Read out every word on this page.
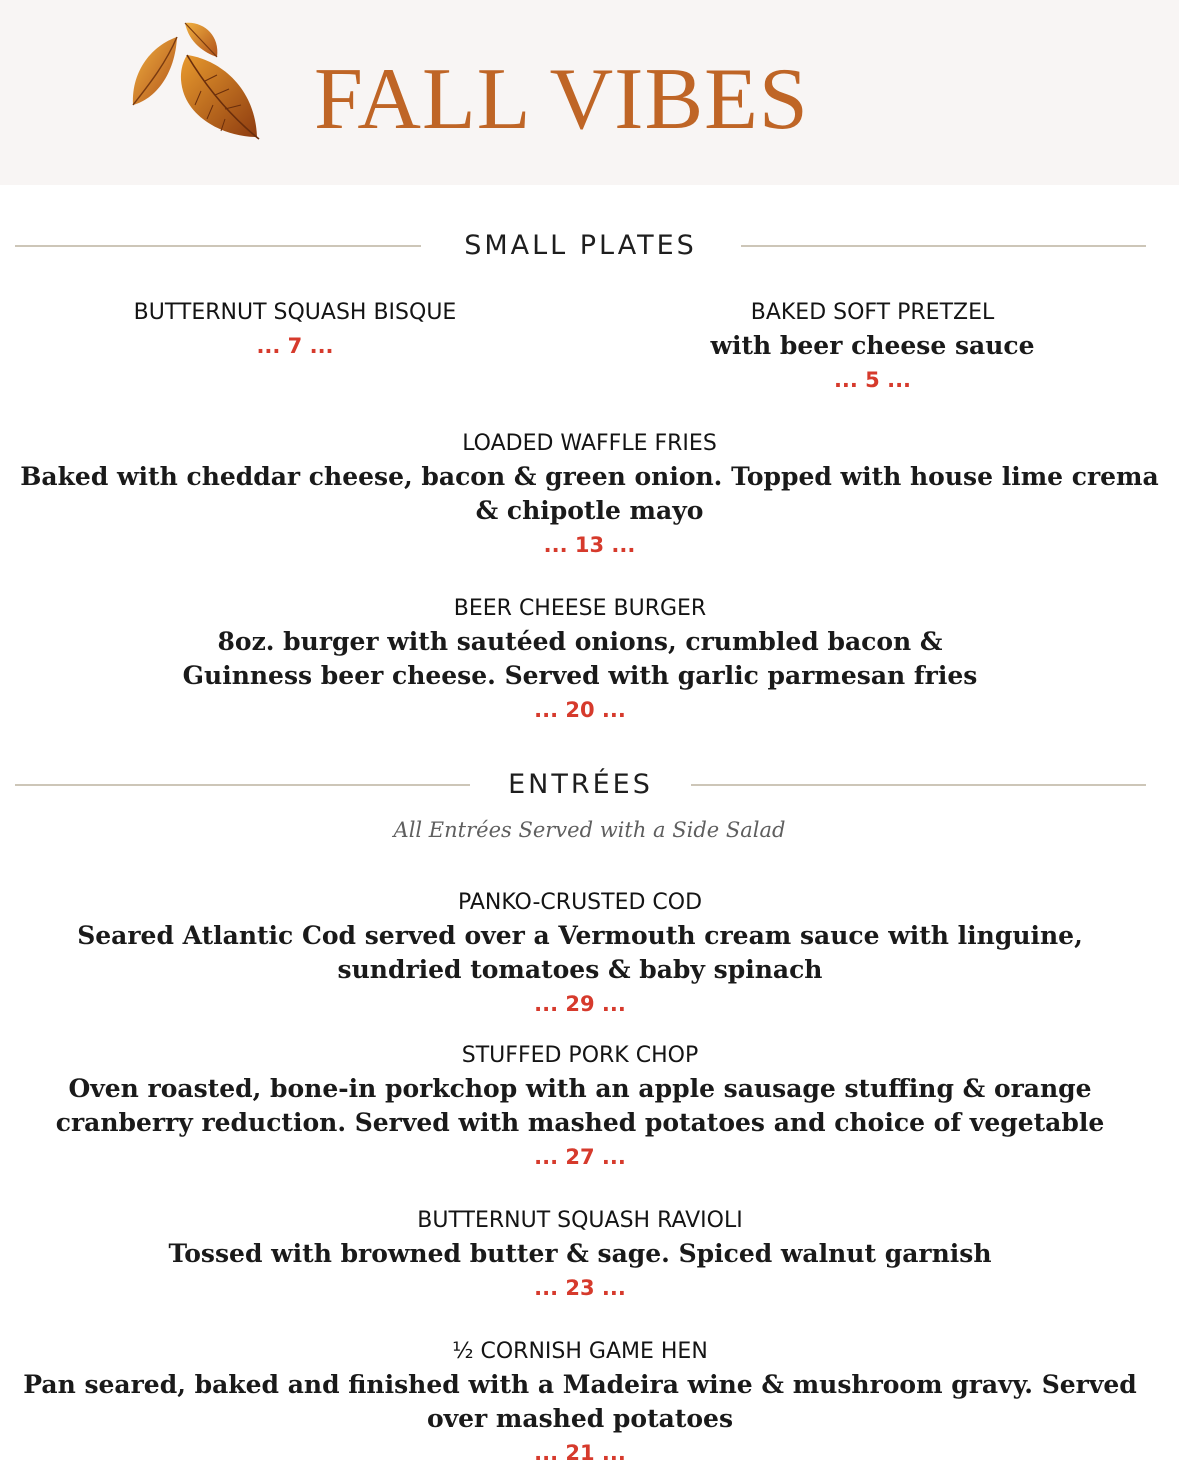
FALL VIBES
SMALL PLATES
BUTTERNUT SQUASH BISQUE
... 7 ...
BAKED SOFT PRETZEL
with beer cheese sauce
... 5 ...
LOADED WAFFLE FRIES
Baked with cheddar cheese, bacon & green onion. Topped with house lime crema
& chipotle mayo
... 13 ...
BEER CHEESE BURGER
8oz. burger with sautéed onions, crumbled bacon &
Guinness beer cheese. Served with garlic parmesan fries
... 20 ...
ENTRÉES
All Entrées Served with a Side Salad
PANKO-CRUSTED COD
Seared Atlantic Cod served over a Vermouth cream sauce with linguine,
sundried tomatoes & baby spinach
... 29 ...
STUFFED PORK CHOP
Oven roasted, bone-in porkchop with an apple sausage stuffing & orange
cranberry reduction. Served with mashed potatoes and choice of vegetable
... 27 ...
BUTTERNUT SQUASH RAVIOLI
Tossed with browned butter & sage. Spiced walnut garnish
... 23 ...
½ CORNISH GAME HEN
Pan seared, baked and finished with a Madeira wine & mushroom gravy. Served
over mashed potatoes
... 21 ...
